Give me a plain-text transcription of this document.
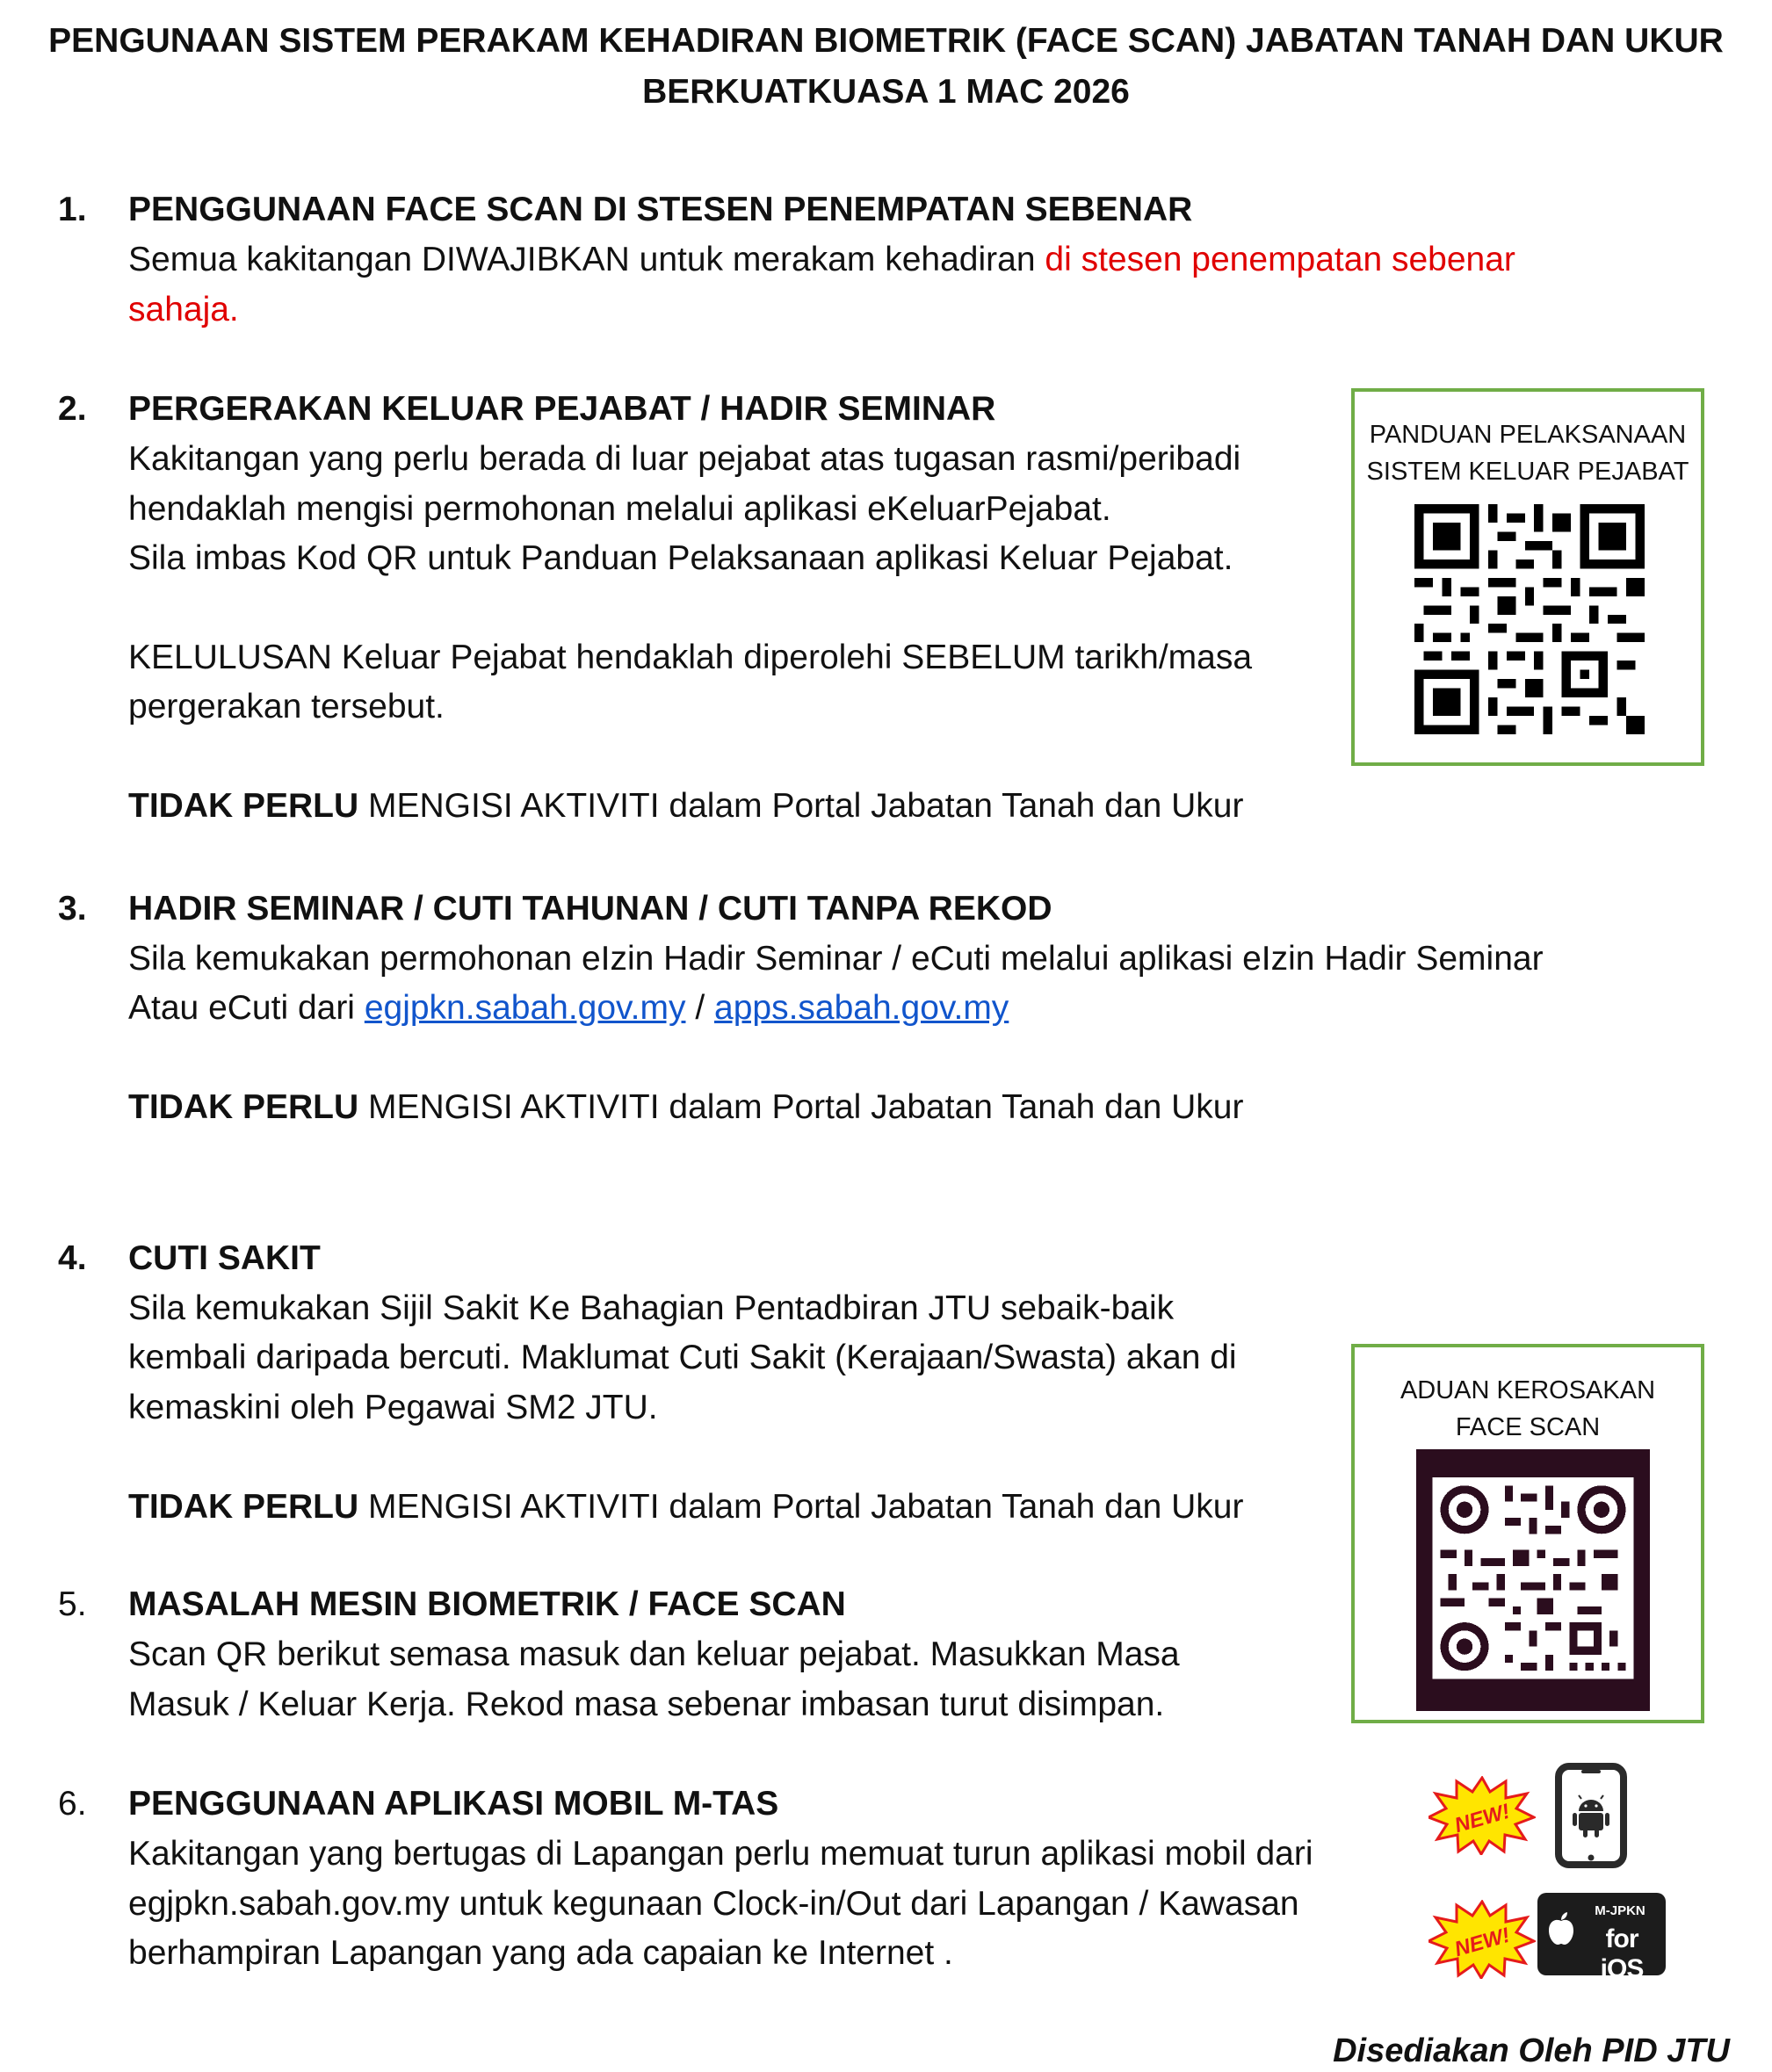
PENGUNAAN SISTEM PERAKAM KEHADIRAN BIOMETRIK (FACE SCAN) JABATAN TANAH DAN UKUR
BERKUATKUASA 1 MAC 2026
1. PENGGUNAAN FACE SCAN DI STESEN PENEMPATAN SEBENAR
Semua kakitangan DIWAJIBKAN untuk merakam kehadiran di stesen penempatan sebenar
sahaja.
2. PERGERAKAN KELUAR PEJABAT / HADIR SEMINAR
Kakitangan yang perlu berada di luar pejabat atas tugasan rasmi/peribadi
hendaklah mengisi permohonan melalui aplikasi eKeluarPejabat.
Sila imbas Kod QR untuk Panduan Pelaksanaan aplikasi Keluar Pejabat.
KELULUSAN Keluar Pejabat hendaklah diperolehi SEBELUM tarikh/masa
pergerakan tersebut.
TIDAK PERLU MENGISI AKTIVITI dalam Portal Jabatan Tanah dan Ukur
PANDUAN PELAKSANAAN
SISTEM KELUAR PEJABAT
3. HADIR SEMINAR / CUTI TAHUNAN / CUTI TANPA REKOD
Sila kemukakan permohonan eIzin Hadir Seminar / eCuti melalui aplikasi eIzin Hadir Seminar
Atau eCuti dari egjpkn.sabah.gov.my / apps.sabah.gov.my
TIDAK PERLU MENGISI AKTIVITI dalam Portal Jabatan Tanah dan Ukur
4. CUTI SAKIT
Sila kemukakan Sijil Sakit Ke Bahagian Pentadbiran JTU sebaik-baik
kembali daripada bercuti. Maklumat Cuti Sakit (Kerajaan/Swasta) akan di
kemaskini oleh Pegawai SM2 JTU.
TIDAK PERLU MENGISI AKTIVITI dalam Portal Jabatan Tanah dan Ukur
ADUAN KEROSAKAN
FACE SCAN
5. MASALAH MESIN BIOMETRIK / FACE SCAN
Scan QR berikut semasa masuk dan keluar pejabat. Masukkan Masa
Masuk / Keluar Kerja. Rekod masa sebenar imbasan turut disimpan.
6. PENGGUNAAN APLIKASI MOBIL M-TAS
Kakitangan yang bertugas di Lapangan perlu memuat turun aplikasi mobil dari
egjpkn.sabah.gov.my untuk kegunaan Clock-in/Out dari Lapangan / Kawasan
berhampiran Lapangan yang ada capaian ke Internet .
NEW!
NEW!
M-JPKN
for iOS
Disediakan Oleh PID JTU
